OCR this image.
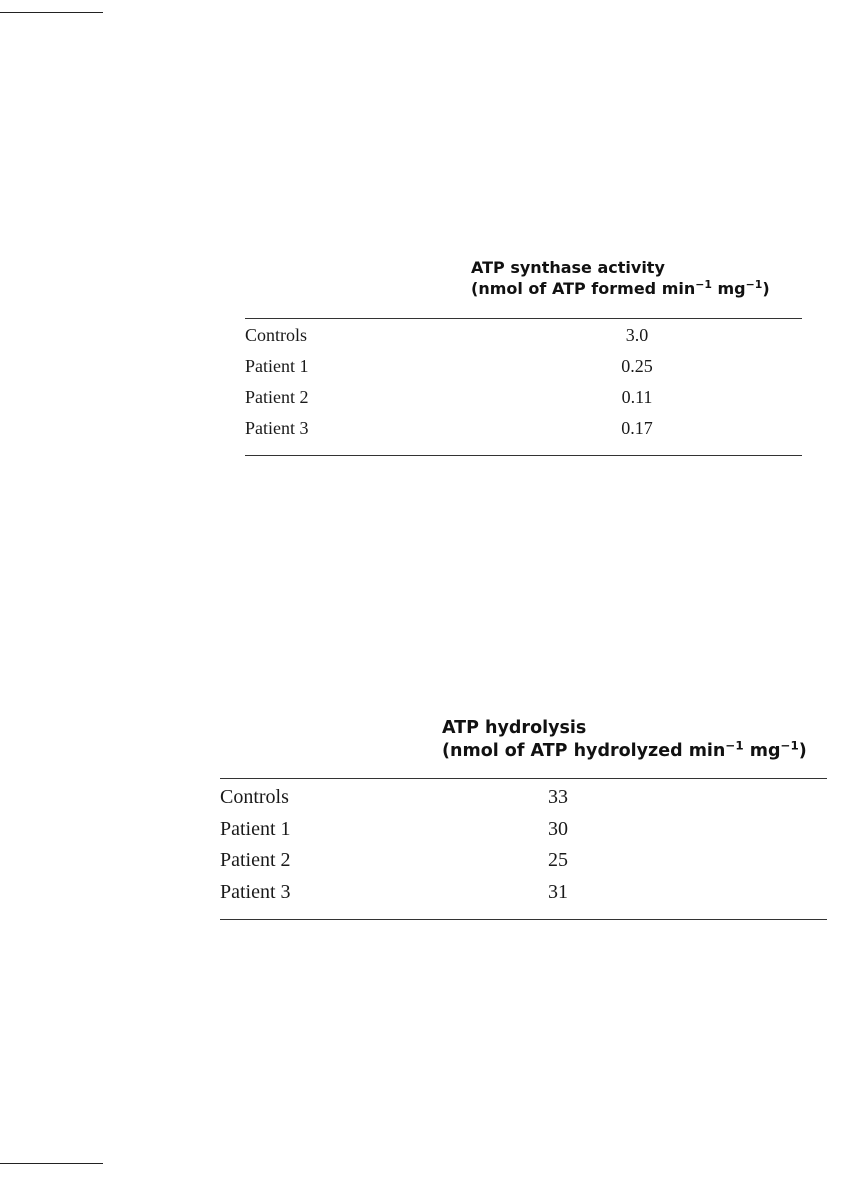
ATP synthase activity
(nmol of ATP formed $\min^{-1} mg^{-1}$)
Controls	3.0
Patient 1	0.25
Patient 2	0.11
Patient 3	0.17
ATP hydrolysis
(nmol of ATP hydrolyzed $\min^{-1} mg^{-1}$)
Controls	33
Patient 1	30
Patient 2	25
Patient 3	31
